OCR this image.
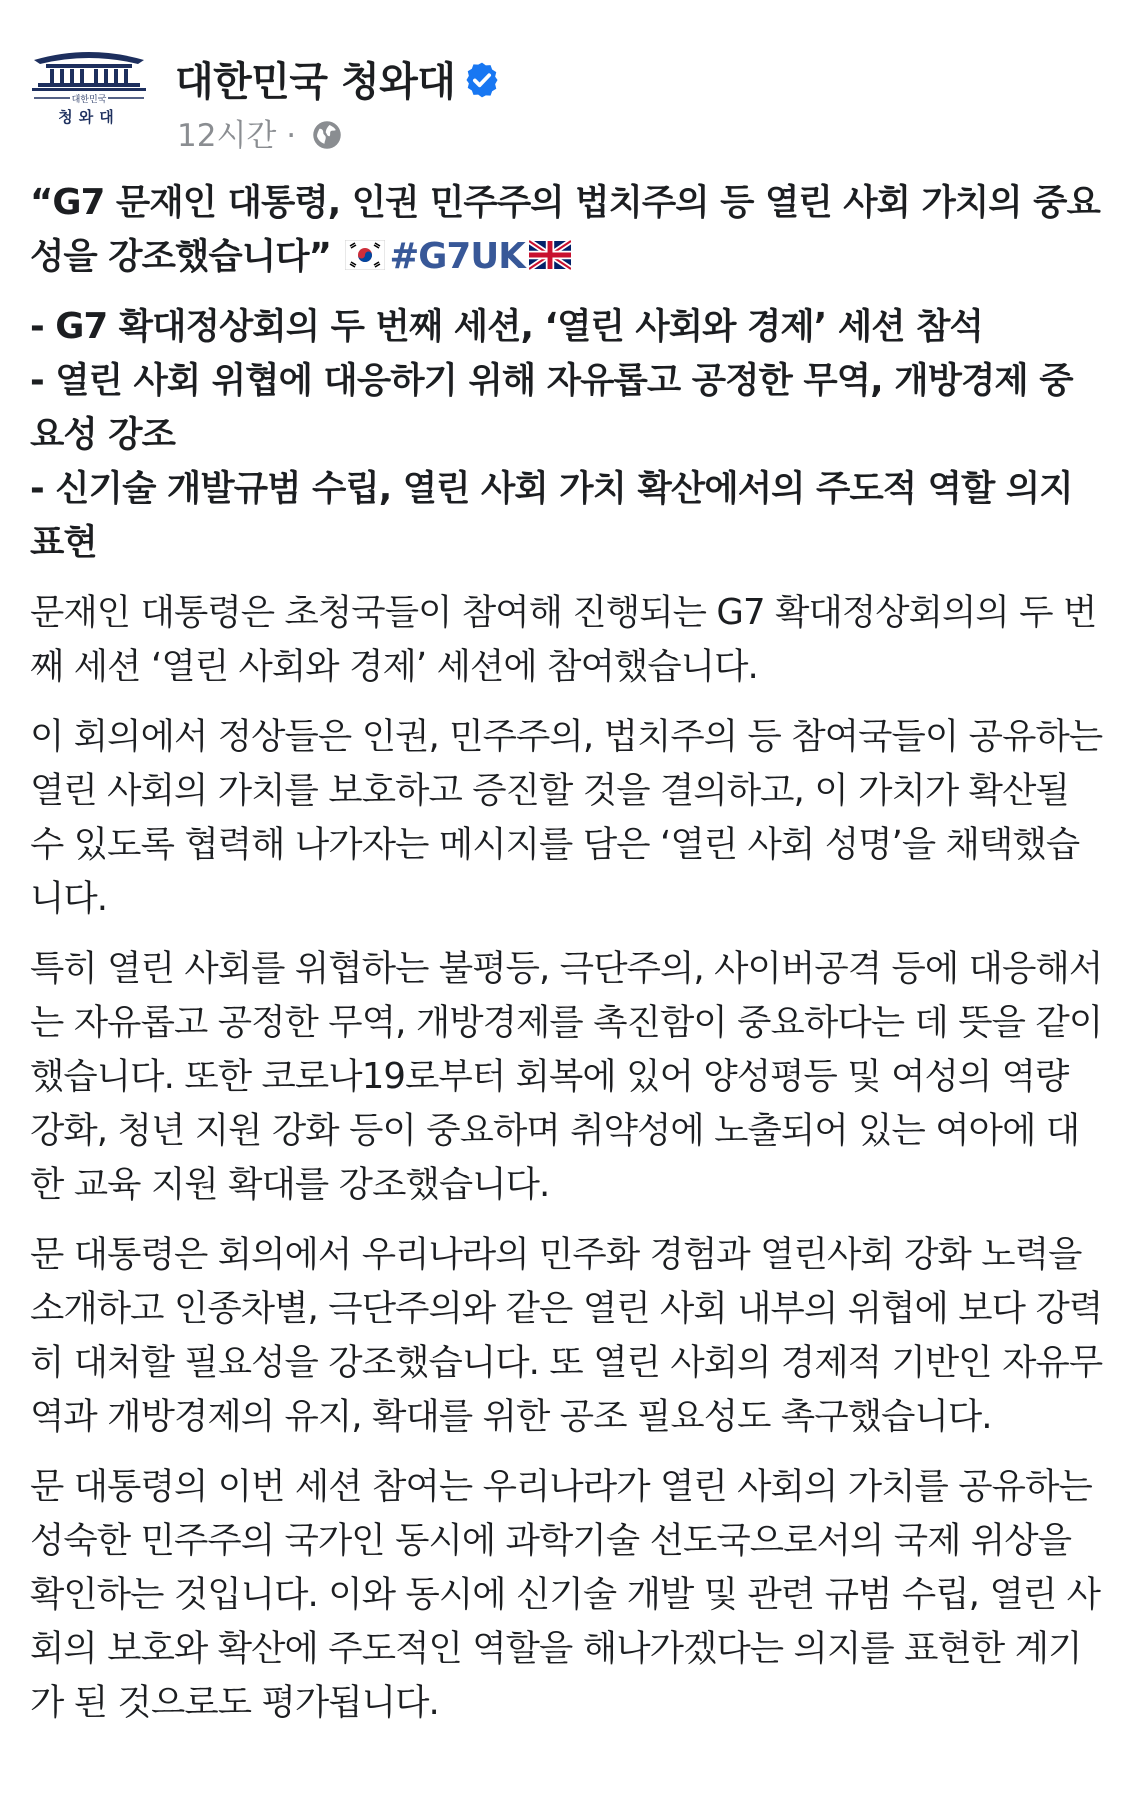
대한민국
청와대
대한민국 청와대
12시간 ·

“G7 문재인 대통령, 인권 민주주의 법치주의 등 열린 사회 가치의 중요성을 강조했습니다” #G7UK

- G7 확대정상회의 두 번째 세션, ‘열린 사회와 경제’ 세션 참석
- 열린 사회 위협에 대응하기 위해 자유롭고 공정한 무역, 개방경제 중요성 강조
- 신기술 개발규범 수립, 열린 사회 가치 확산에서의 주도적 역할 의지 표현

문재인 대통령은 초청국들이 참여해 진행되는 G7 확대정상회의의 두 번째 세션 ‘열린 사회와 경제’ 세션에 참여했습니다.

이 회의에서 정상들은 인권, 민주주의, 법치주의 등 참여국들이 공유하는 열린 사회의 가치를 보호하고 증진할 것을 결의하고, 이 가치가 확산될 수 있도록 협력해 나가자는 메시지를 담은 ‘열린 사회 성명’을 채택했습니다.

특히 열린 사회를 위협하는 불평등, 극단주의, 사이버공격 등에 대응해서는 자유롭고 공정한 무역, 개방경제를 촉진함이 중요하다는 데 뜻을 같이했습니다. 또한 코로나19로부터 회복에 있어 양성평등 및 여성의 역량 강화, 청년 지원 강화 등이 중요하며 취약성에 노출되어 있는 여아에 대한 교육 지원 확대를 강조했습니다.

문 대통령은 회의에서 우리나라의 민주화 경험과 열린사회 강화 노력을 소개하고 인종차별, 극단주의와 같은 열린 사회 내부의 위협에 보다 강력히 대처할 필요성을 강조했습니다. 또 열린 사회의 경제적 기반인 자유무역과 개방경제의 유지, 확대를 위한 공조 필요성도 촉구했습니다.

문 대통령의 이번 세션 참여는 우리나라가 열린 사회의 가치를 공유하는 성숙한 민주주의 국가인 동시에 과학기술 선도국으로서의 국제 위상을 확인하는 것입니다. 이와 동시에 신기술 개발 및 관련 규범 수립, 열린 사회의 보호와 확산에 주도적인 역할을 해나가겠다는 의지를 표현한 계기가 된 것으로도 평가됩니다.
